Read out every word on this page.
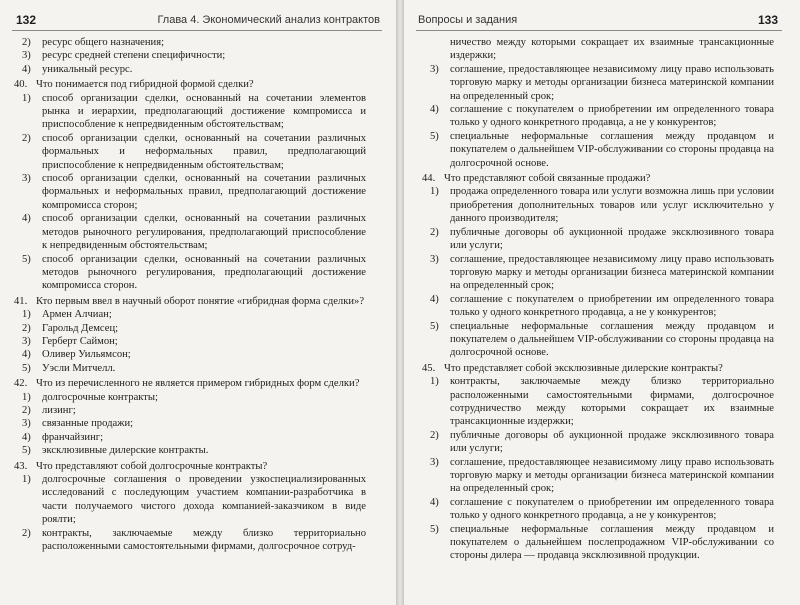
132	Глава 4. Экономический анализ контрактов
2) ресурс общего назначения;
3) ресурс средней степени специфичности;
4) уникальный ресурс.
40. Что понимается под гибридной формой сделки?
1) способ организации сделки, основанный на сочетании элементов рынка и иерархии, предполагающий достижение компромисса и приспособление к непредвиденным обстоятельствам;
2) способ организации сделки, основанный на сочетании различных формальных и неформальных правил, предполагающий приспособление к непредвиденным обстоятельствам;
3) способ организации сделки, основанный на сочетании различных формальных и неформальных правил, предполагающий достижение компромисса сторон;
4) способ организации сделки, основанный на сочетании различных методов рыночного регулирования, предполагающий приспособление к непредвиденным обстоятельствам;
5) способ организации сделки, основанный на сочетании различных методов рыночного регулирования, предполагающий достижение компромисса сторон.
41. Кто первым ввел в научный оборот понятие «гибридная форма сделки»?
1) Армен Алчиан;
2) Гарольд Демсец;
3) Герберт Саймон;
4) Оливер Уильямсон;
5) Уэсли Митчелл.
42. Что из перечисленного не является примером гибридных форм сделки?
1) долгосрочные контракты;
2) лизинг;
3) связанные продажи;
4) франчайзинг;
5) эксклюзивные дилерские контракты.
43. Что представляют собой долгосрочные контракты?
1) долгосрочные соглашения о проведении узкоспециализированных исследований с последующим участием компании-разработчика в части получаемого чистого дохода компанией-заказчиком в виде роялти;
2) контракты, заключаемые между близко территориально расположенными самостоятельными фирмами, долгосрочное сотруд-
Вопросы и задания	133
ничество между которыми сокращает их взаимные трансакционные издержки;
3) соглашение, предоставляющее независимому лицу право использовать торговую марку и методы организации бизнеса материнской компании на определенный срок;
4) соглашение с покупателем о приобретении им определенного товара только у одного конкретного продавца, а не у конкурентов;
5) специальные неформальные соглашения между продавцом и покупателем о дальнейшем VIP-обслуживании со стороны продавца на долгосрочной основе.
44. Что представляют собой связанные продажи?
1) продажа определенного товара или услуги возможна лишь при условии приобретения дополнительных товаров или услуг исключительно у данного производителя;
2) публичные договоры об аукционной продаже эксклюзивного товара или услуги;
3) соглашение, предоставляющее независимому лицу право использовать торговую марку и методы организации бизнеса материнской компании на определенный срок;
4) соглашение с покупателем о приобретении им определенного товара только у одного конкретного продавца, а не у конкурентов;
5) специальные неформальные соглашения между продавцом и покупателем о дальнейшем VIP-обслуживании со стороны продавца на долгосрочной основе.
45. Что представляет собой эксклюзивные дилерские контракты?
1) контракты, заключаемые между близко территориально расположенными самостоятельными фирмами, долгосрочное сотрудничество между которыми сокращает их взаимные трансакционные издержки;
2) публичные договоры об аукционной продаже эксклюзивного товара или услуги;
3) соглашение, предоставляющее независимому лицу право использовать торговую марку и методы организации бизнеса материнской компании на определенный срок;
4) соглашение с покупателем о приобретении им определенного товара только у одного конкретного продавца, а не у конкурентов;
5) специальные неформальные соглашения между продавцом и покупателем о дальнейшем послепродажном VIP-обслуживании со стороны дилера — продавца эксклюзивной продукции.
